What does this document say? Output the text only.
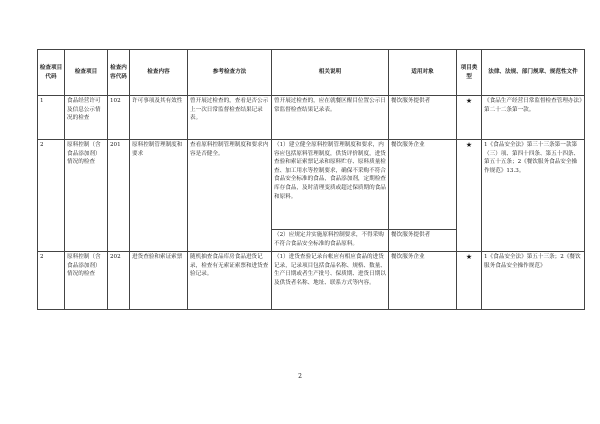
检查项目代码	检查项目	检查内容代码	检查内容	参考检查方法	相关说明	适用对象	项目类型	法律、法规、部门规章、规范性文件
1	食品经营许可及信息公示情况的检查	102	许可事项及其有效性	曾开展过检查的，查看是否公示上一次日常监督检查结果记录表。	曾开展过检查的，应在就餐区醒目位置公示日常监督检查结果记录表。	餐饮服务提供者	★	《食品生产经营日常监督检查管理办法》第二十二条第一款。
2	原料控制（含食品添加剂）情况的检查	201	原料控制管理制度和要求	查看原料控制管理制度和要求内容是否健全。	（1）建立健全原料控制管理制度和要求，内容应包括原料管理制度，供货评价制度，进货查验和索证索票记录和原料贮存、原料质量检查、加工用水等控制要求，确保不采购不符合食品安全标准的食品，食品添加剂，定期检查库存食品，及时清理变质或超过保质期的食品和原料。	餐饮服务企业	★	1《食品安全法》第三十三条第一款第（三）项、第四十四条、第五十四条、第五十五条；2《餐饮服务食品安全操作规范》13.3。
					（2）应规定并实施原料控制要求，不得采购不符合食品安全标准的食品原料。	餐饮服务提供者		
2	原料控制（含食品添加剂）情况的检查	202	进货查验和索证索票	随机抽查食品库房食品进货记录，检查有无索证索票和进货查验记录。	（1）进货查验记录台帐应有相应食品的进货记录，记录项目包括食品名称、规格、数量、生产日期或者生产批号、保质期、进货日期以及供货者名称、地址、联系方式等内容。	餐饮服务企业	★	1《食品安全法》第五十三条；2《餐饮服务食品安全操作规范》
2
